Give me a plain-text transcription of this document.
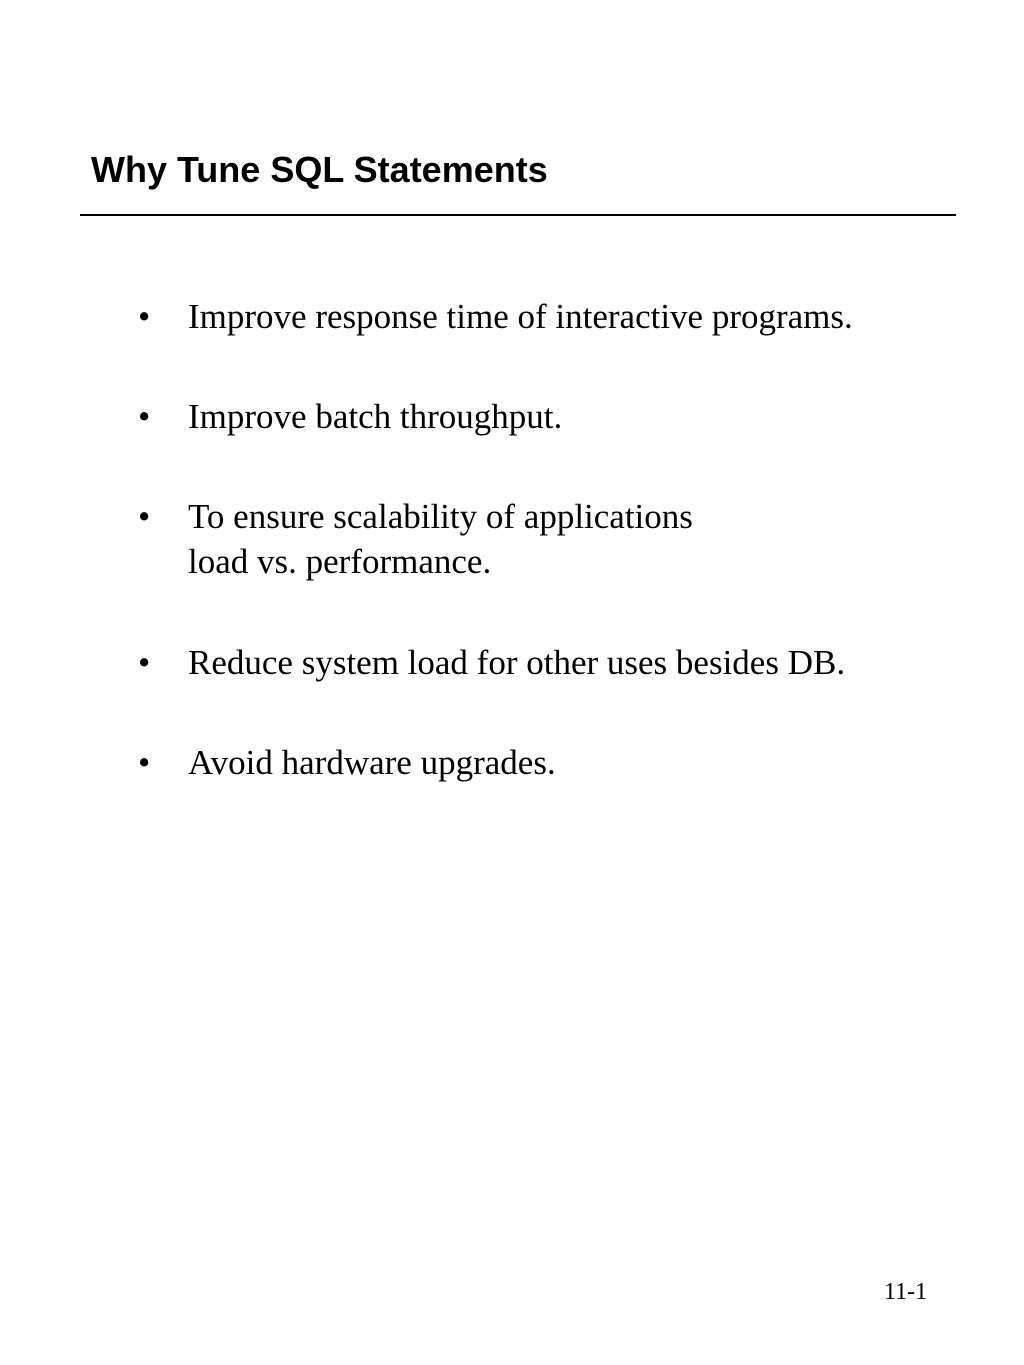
Why Tune SQL Statements
• Improve response time of interactive programs.
• Improve batch throughput.
• To ensure scalability of applications
load vs. performance.
• Reduce system load for other uses besides DB.
• Avoid hardware upgrades.
11-1
